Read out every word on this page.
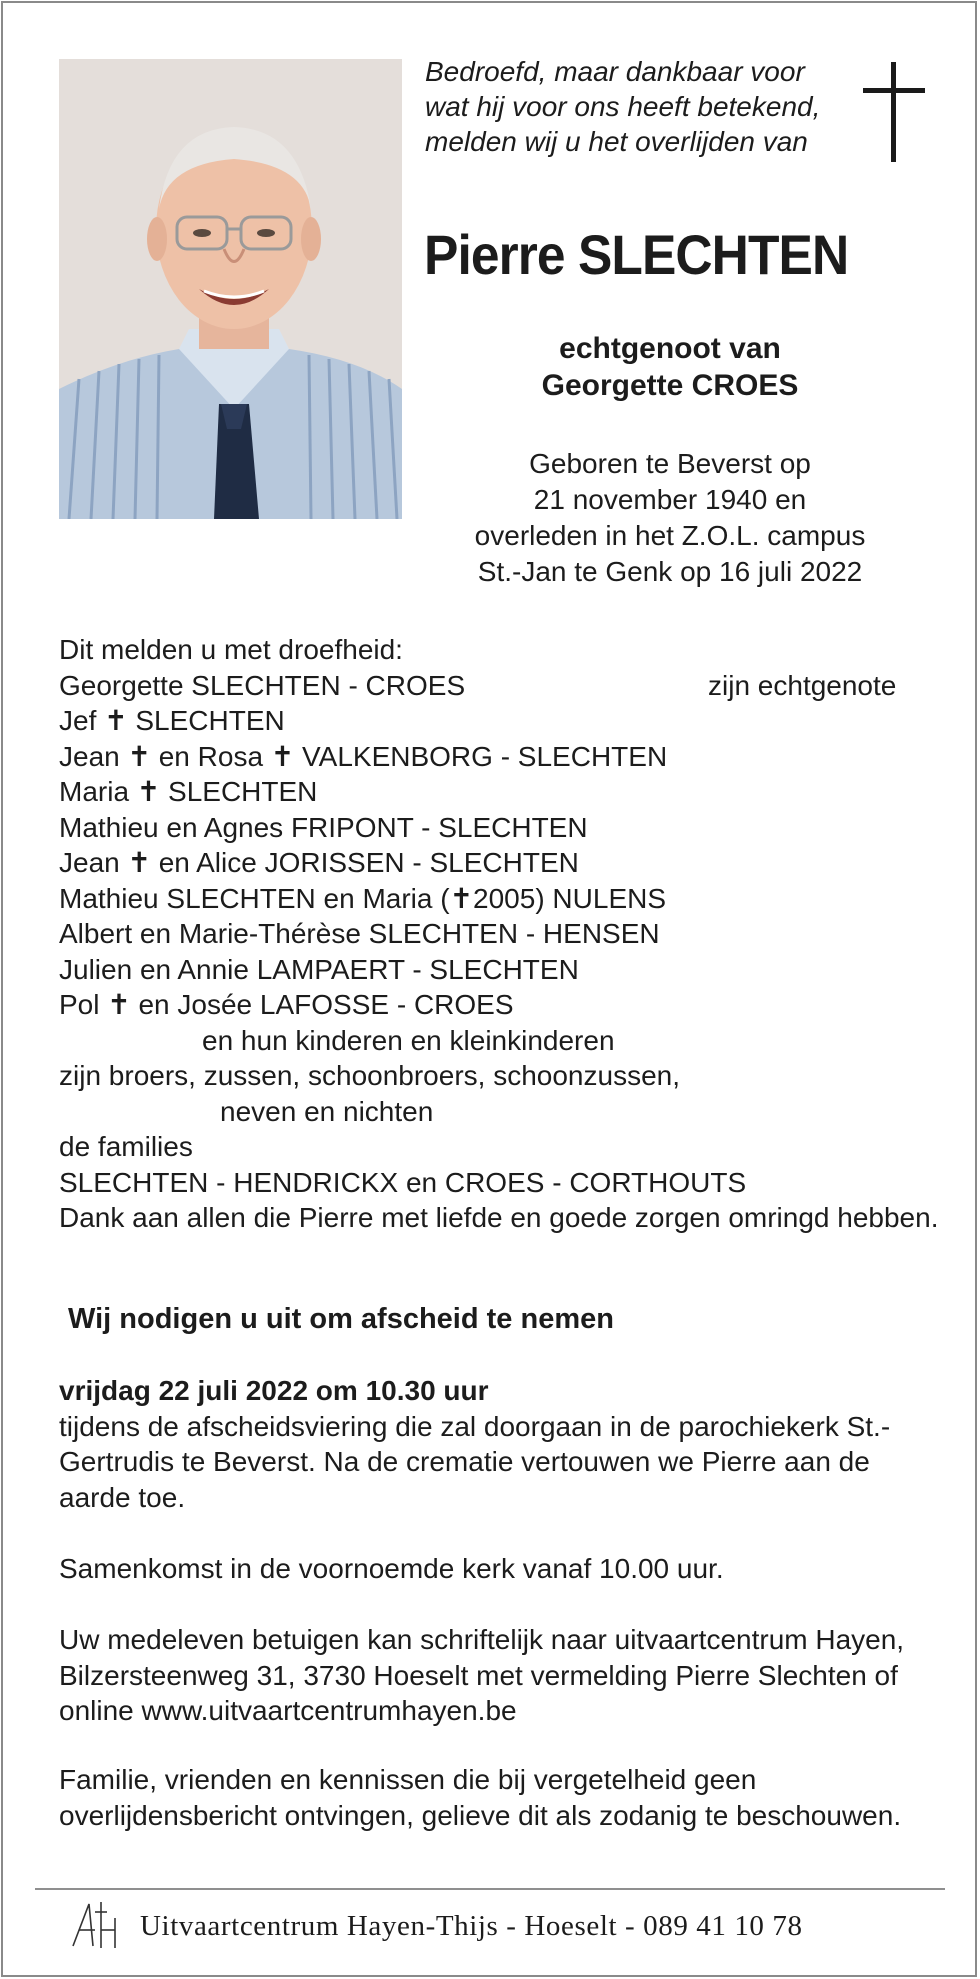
Bedroefd, maar dankbaar voor wat hij voor ons heeft betekend, melden wij u het overlijden van
Pierre SLECHTEN
echtgenoot van
Georgette CROES
Geboren te Beverst op
21 november 1940 en
overleden in het Z.O.L. campus
St.-Jan te Genk op 16 juli 2022
Dit melden u met droefheid:
Georgette SLECHTEN - CROES	zijn echtgenote
Jef ✝ SLECHTEN
Jean ✝ en Rosa ✝ VALKENBORG - SLECHTEN
Maria ✝ SLECHTEN
Mathieu en Agnes FRIPONT - SLECHTEN
Jean ✝ en Alice JORISSEN - SLECHTEN
Mathieu SLECHTEN en Maria (✝2005) NULENS
Albert en Marie-Thérèse SLECHTEN - HENSEN
Julien en Annie LAMPAERT - SLECHTEN
Pol ✝ en Josée LAFOSSE - CROES
en hun kinderen en kleinkinderen
zijn broers, zussen, schoonbroers, schoonzussen,
neven en nichten
de families
SLECHTEN - HENDRICKX en CROES - CORTHOUTS
Dank aan allen die Pierre met liefde en goede zorgen omringd hebben.
Wij nodigen u uit om afscheid te nemen
vrijdag 22 juli 2022 om 10.30 uur
tijdens de afscheidsviering die zal doorgaan in de parochiekerk St.-Gertrudis te Beverst. Na de crematie vertouwen we Pierre aan de aarde toe.
Samenkomst in de voornoemde kerk vanaf 10.00 uur.
Uw medeleven betuigen kan schriftelijk naar uitvaartcentrum Hayen, Bilzersteenweg 31, 3730 Hoeselt met vermelding Pierre Slechten of online www.uitvaartcentrumhayen.be
Familie, vrienden en kennissen die bij vergetelheid geen overlijdensbericht ontvingen, gelieve dit als zodanig te beschouwen.
Uitvaartcentrum Hayen-Thijs - Hoeselt - 089 41 10 78
